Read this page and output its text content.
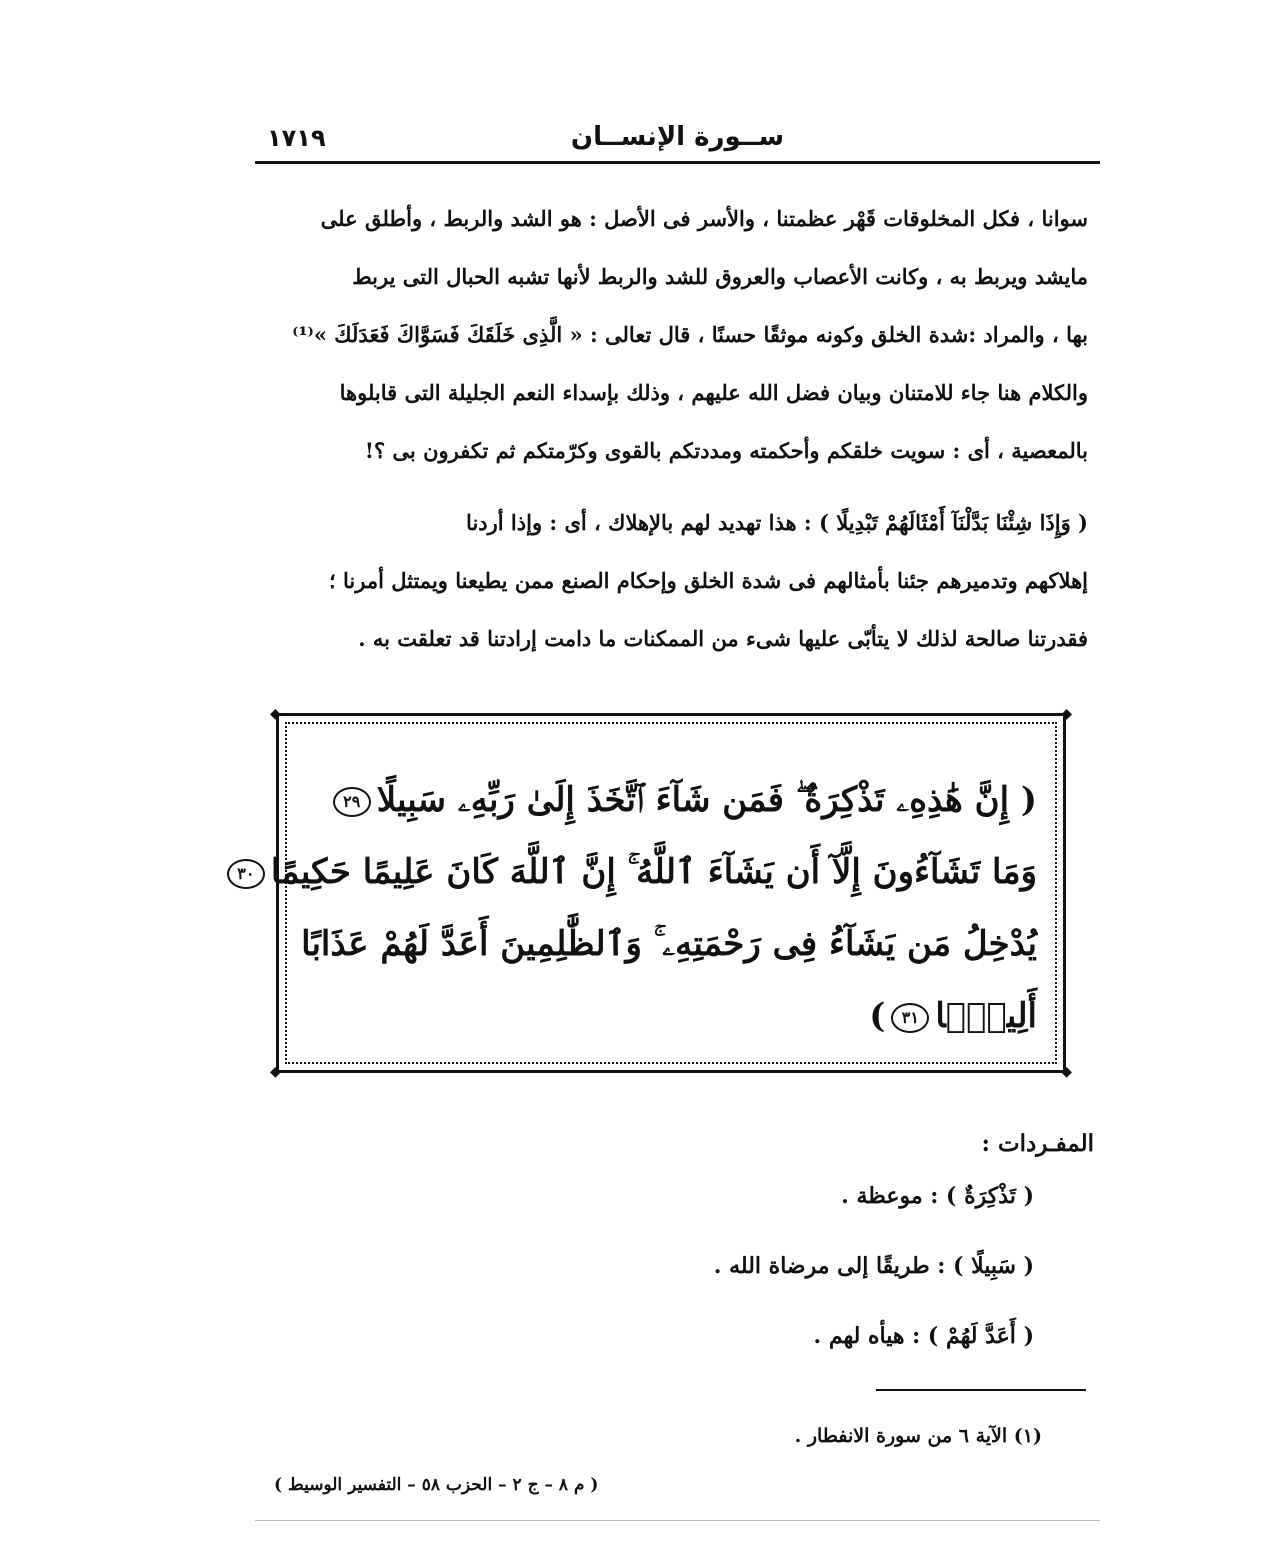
ســورة الإنســان
١٧١٩
سوانا ، فكل المخلوقات قَهْر عظمتنا ، والأسر فى الأصل : هو الشد والربط ، وأطلق على
مايشد ويربط به ، وكانت الأعصاب والعروق للشد والربط لأنها تشبه الحبال التى يربط
بها ، والمراد :شدة الخلق وكونه موثقًا حسنًا ، قال تعالى : « الَّذِى خَلَقَكَ فَسَوَّاكَ فَعَدَلَكَ »⁽¹⁾
والكلام هنا جاء للامتنان وبيان فضل الله عليهم ، وذلك بإسداء النعم الجليلة التى قابلوها
بالمعصية ، أى : سويت خلقكم وأحكمته ومددتكم بالقوى وكرّمتكم ثم تكفرون بى ؟!
( وَإِذَا شِئْنَا بَدَّلْنَآ أَمْثَالَهُمْ تَبْدِيلًا ) : هذا تهديد لهم بالإهلاك ، أى : وإذا أردنا
إهلاكهم وتدميرهم جئنا بأمثالهم فى شدة الخلق وإحكام الصنع ممن يطيعنا ويمتثل أمرنا ؛
فقدرتنا صالحة لذلك لا يتأبّى عليها شىء من الممكنات ما دامت إرادتنا قد تعلقت به .
◆	◆
◆	◆
( إِنَّ هَٰذِهِۦ تَذْكِرَةٌ ۖ فَمَن شَآءَ ٱتَّخَذَ إِلَىٰ رَبِّهِۦ سَبِيلًا٢٩
وَمَا تَشَآءُونَ إِلَّآ أَن يَشَآءَ ٱللَّهُ ۚ إِنَّ ٱللَّهَ كَانَ عَلِيمًا حَكِيمًا٣٠
يُدْخِلُ مَن يَشَآءُ فِى رَحْمَتِهِۦ ۚ وَٱلظَّٰلِمِينَ أَعَدَّ لَهُمْ عَذَابًا
أَلِيمًۢا٣١)
المفـردات :
( تَذْكِرَةٌ ) : موعظة .
( سَبِيلًا ) : طريقًا إلى مرضاة الله .
( أَعَدَّ لَهُمْ ) : هيأه لهم .
(١) الآية ٦ من سورة الانفطار .
( م ٨ – ج ٢ – الحزب ٥٨ – التفسير الوسيط )
